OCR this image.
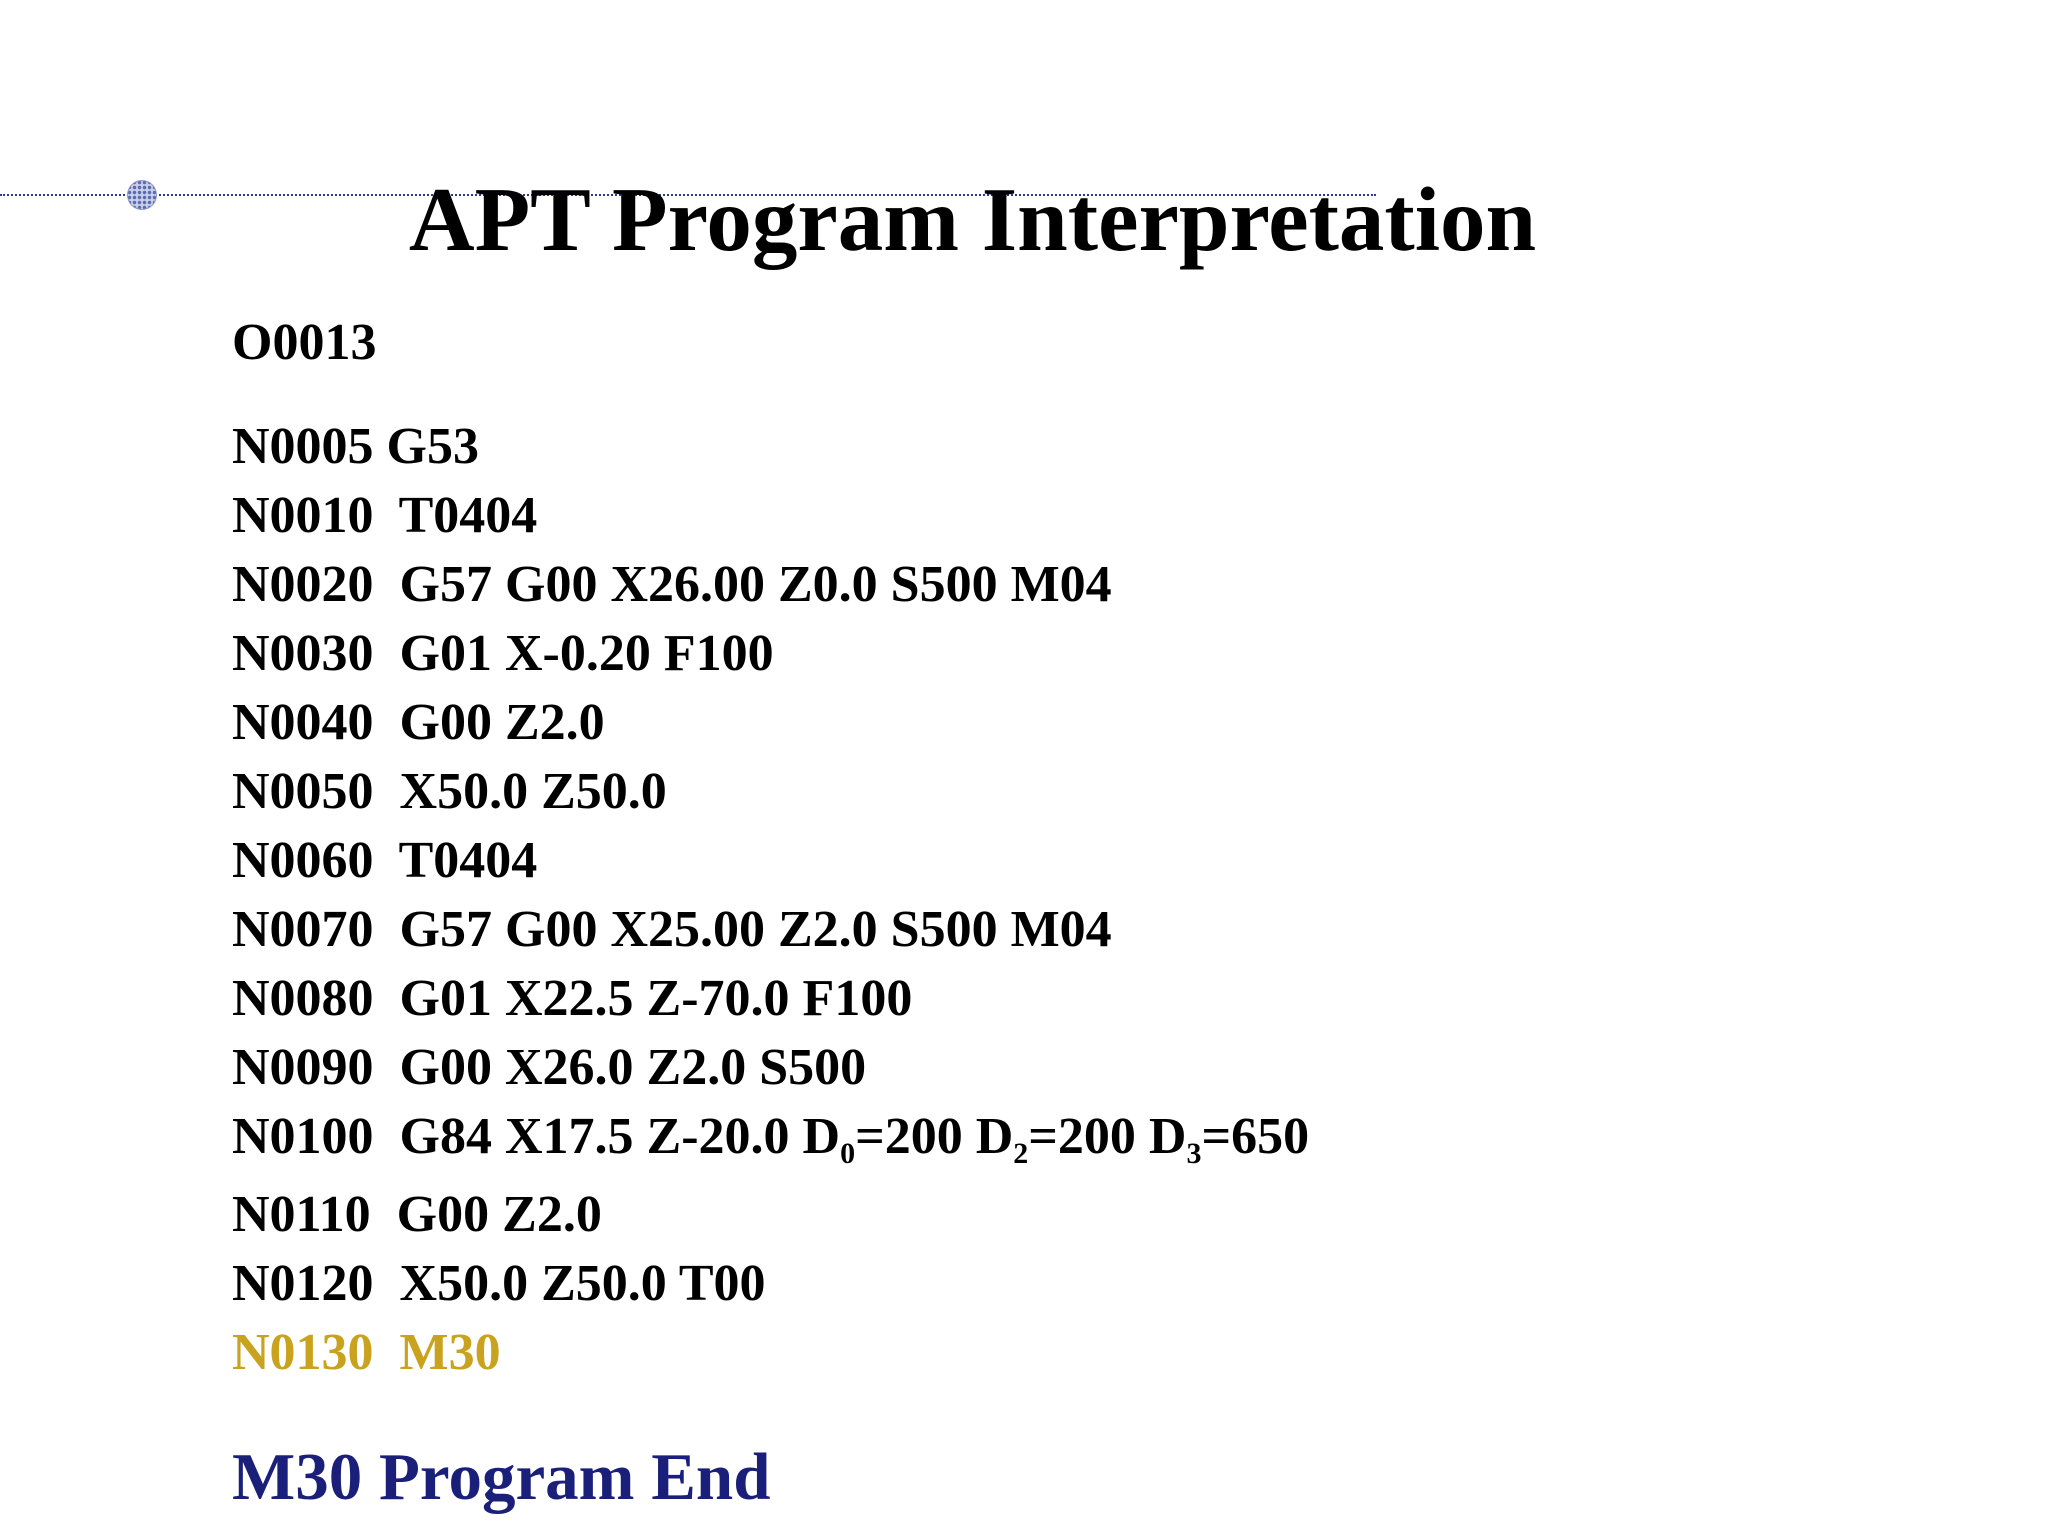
APT Program Interpretation

O0013

N0005 G53
N0010  T0404
N0020  G57 G00 X26.00 Z0.0 S500 M04
N0030  G01 X-0.20 F100
N0040  G00 Z2.0
N0050  X50.0 Z50.0
N0060  T0404
N0070  G57 G00 X25.00 Z2.0 S500 M04
N0080  G01 X22.5 Z-70.0 F100
N0090  G00 X26.0 Z2.0 S500
N0100  G84 X17.5 Z-20.0 $D_0=200$ $D_2=200$ $D_3=650$
N0110  G00 Z2.0
N0120  X50.0 Z50.0 T00
N0130  M30

M30 Program End
